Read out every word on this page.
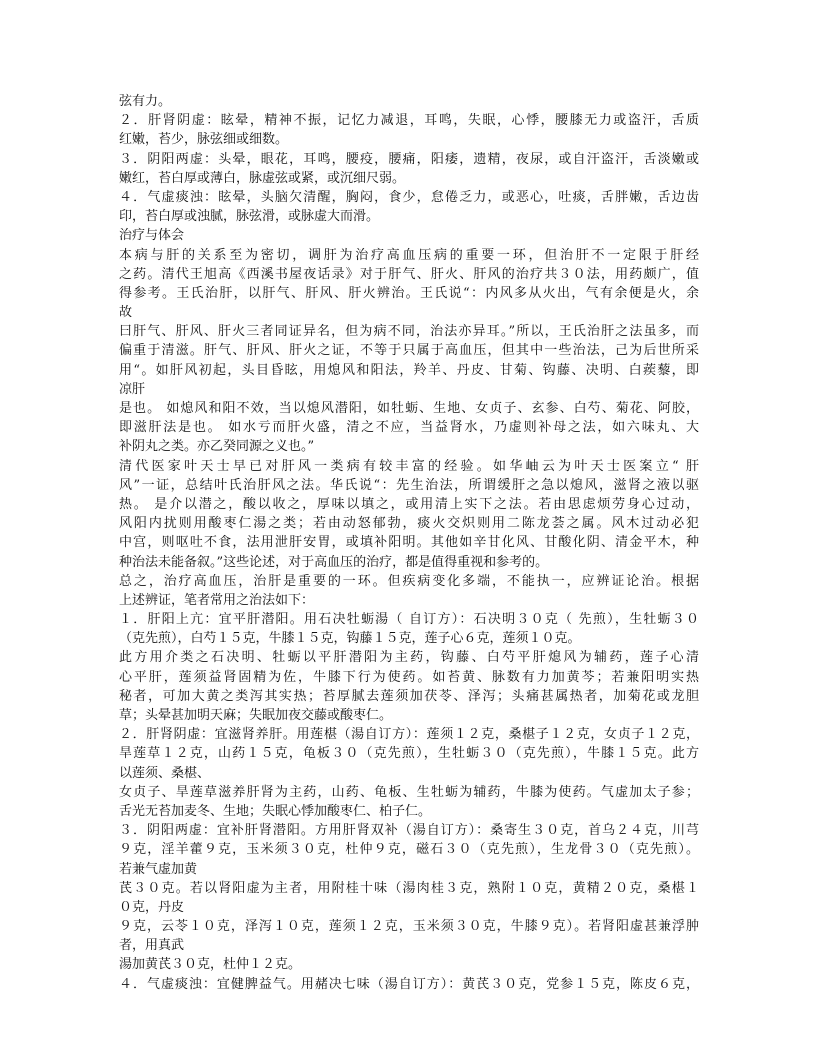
弦有力。
２．肝肾阴虚：眩晕，精神不振，记忆力减退，耳鸣，失眠，心悸，腰膝无力或盗汗，舌质
红嫩，苔少，脉弦细或细数。
３．阴阳两虚：头晕，眼花，耳鸣，腰疫，腰痛，阳痿，遗精，夜尿，或自汗盗汗，舌淡嫩或
嫩红，苔白厚或薄白，脉虚弦或紧，或沉细尺弱。
４．气虚痰浊：眩晕，头脑欠清醒，胸闷，食少，怠倦乏力，或恶心，吐痰，舌胖嫩，舌边齿
印，苔白厚或浊腻，脉弦滑，或脉虚大而滑。
治疗与体会
本病与肝的关系至为密切，调肝为治疗高血压病的重要一环，但治肝不一定限于肝经
之药。清代王旭高《西溪书屋夜话录》对于肝气、肝火、肝风的治疗共３０法，用药颇广，值
得参考。王氏治肝，以肝气、肝风、肝火辨治。王氏说“：内风多从火出，气有余便是火，余
故
曰肝气、肝风、肝火三者同证异名，但为病不同，治法亦异耳。”所以，王氏治肝之法虽多，而
偏重于清滋。肝气、肝风、肝火之证，不等于只属于高血压，但其中一些治法，己为后世所采
用“。如肝风初起，头目昏眩，用熄风和阳法，羚羊、丹皮、甘菊、钩藤、决明、白蒺藜，即
凉肝
是也。 如熄风和阳不效，当以熄风潜阳，如牡蛎、生地、女贞子、玄参、白芍、菊花、阿胶，
即滋肝法是也。 如水亏而肝火盛，清之不应，当益肾水，乃虚则补母之法，如六味丸、大
补阴丸之类。亦乙癸同源之义也。”
清代医家叶天士早已对肝风一类病有较丰富的经验。如华岫云为叶天士医案立“ 肝
风”一证，总结叶氏治肝风之法。华氏说“：先生治法，所谓缓肝之急以熄风，滋肾之液以驱
热。 是介以潜之，酸以收之，厚味以填之，或用清上实下之法。若由思虑烦劳身心过动，
风阳内扰则用酸枣仁湯之类；若由动怒郁勃，痰火交炽则用二陈龙荟之属。风木过动必犯
中宫，则呕吐不食，法用泄肝安胃，或填补阳明。其他如辛甘化风、甘酸化阴、清金平木，种
种治法未能备叙。”这些论述，对于高血压的治疗，都是值得重视和参考的。
总之，治疗高血压，治肝是重要的一环。但疾病变化多端，不能执一，应辨证论治。根据
上述辨证，笔者常用之治法如下：
１．肝阳上亢：宜平肝潜阳。用石决牡蛎湯（ 自订方）：石决明３０克（ 先煎），生牡蛎３０
（克先煎），白芍１５克，牛膝１５克，钩藤１５克，莲子心６克，莲须１０克。
此方用介类之石决明、牡蛎以平肝潜阳为主药，钩藤、白芍平肝熄风为辅药，莲子心清
心平肝，莲须益肾固精为佐，牛膝下行为使药。如苔黄、脉数有力加黄芩；若兼阳明实热
秘者，可加大黄之类泻其实热；苔厚腻去莲须加茯苓、泽泻；头痛甚属热者，加菊花或龙胆
草；头晕甚加明天麻；失眠加夜交藤或酸枣仁。
２．肝肾阴虚：宜滋肾养肝。用莲椹（湯自订方）：莲须１２克，桑椹子１２克，女贞子１２克，
旱莲草１２克，山药１５克，龟板３０（克先煎），生牡蛎３０（克先煎），牛膝１５克。此方
以莲须、桑椹、
女贞子、旱莲草滋养肝肾为主药，山药、龟板、生牡蛎为辅药，牛膝为使药。气虚加太子参；
舌光无苔加麦冬、生地；失眠心悸加酸枣仁、柏子仁。
３．阴阳两虚：宜补肝肾潜阳。方用肝肾双补（湯自订方）：桑寄生３０克，首乌２４克，川芎
９克，淫羊藿９克，玉米须３０克，杜仲９克，磁石３０（克先煎），生龙骨３０（克先煎）。
若兼气虚加黄
芪３０克。若以肾阳虚为主者，用附桂十味（湯肉桂３克，熟附１０克，黄精２０克，桑椹１
０克，丹皮
９克，云苓１０克，泽泻１０克，莲须１２克，玉米须３０克，牛膝９克）。若肾阳虚甚兼浮肿
者，用真武
湯加黄芪３０克，杜仲１２克。
４．气虚痰浊：宜健脾益气。用赭决七味（湯自订方）：黄芪３０克，党参１５克，陈皮６克，
